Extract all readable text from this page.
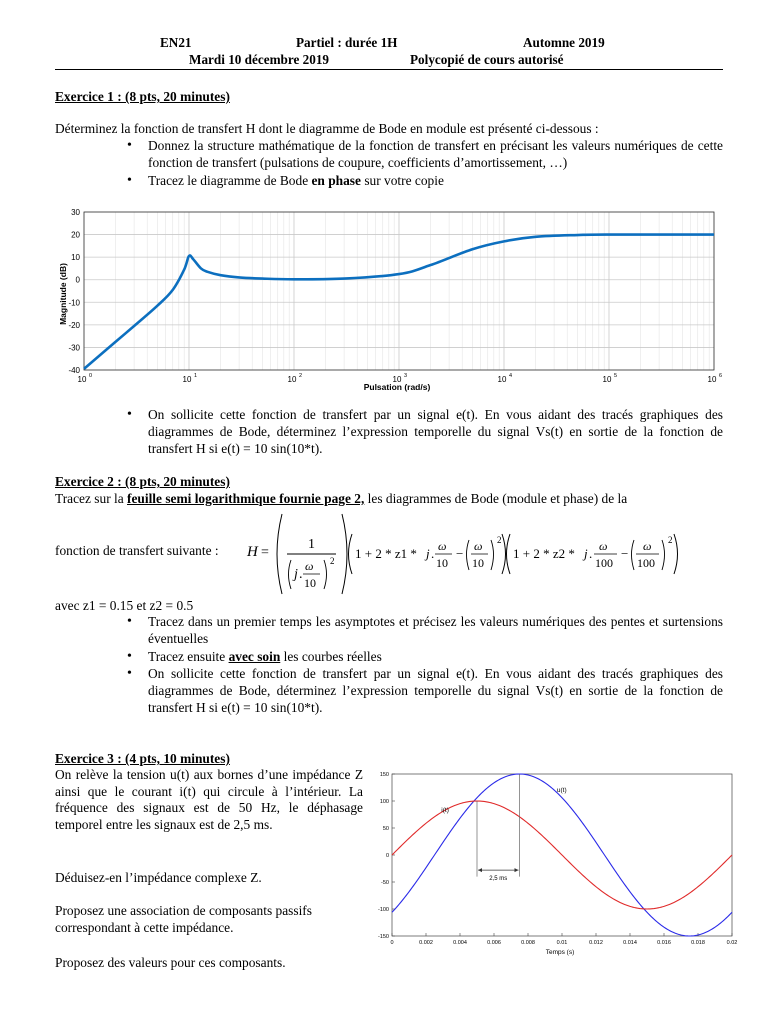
EN21	Partiel : durée 1H	Automne 2019
Mardi 10 décembre 2019	Polycopié de cours autorisé
Exercice 1 : (8 pts, 20 minutes)
Déterminez la fonction de transfert H dont le diagramme de Bode en module est présenté ci-dessous :
• Donnez la structure mathématique de la fonction de transfert en précisant les valeurs numériques de cette fonction de transfert (pulsations de coupure, coefficients d’amortissement, …)
• Tracez le diagramme de Bode en phase sur votre copie
-40
-30
-20
-10
0
10
20
30
10 0	10 1	10 2	10 3	10 4	10 5	10 6
Magnitude (dB)
Pulsation (rad/s)
• On sollicite cette fonction de transfert par un signal e(t). En vous aidant des tracés graphiques des diagrammes de Bode, déterminez l’expression temporelle du signal Vs(t) en sortie de la fonction de transfert H si e(t) = 10 sin(10*t).
Exercice 2 : (8 pts, 20 minutes)
Tracez sur la feuille semi logarithmique fournie page 2, les diagrammes de Bode (module et phase) de la
fonction de transfert suivante : H =
1
j .
ω
10
2 1 + 2 * z1 * j . ω
10
− ω
10
2
1 + 2 * z2 * j . ω
100
− ω
100
2
avec z1 = 0.15 et z2 = 0.5
• Tracez dans un premier temps les asymptotes et précisez les valeurs numériques des pentes et surtensions éventuelles
• Tracez ensuite avec soin les courbes réelles
• On sollicite cette fonction de transfert par un signal e(t). En vous aidant des tracés graphiques des diagrammes de Bode, déterminez l’expression temporelle du signal Vs(t) en sortie de la fonction de transfert H si e(t) = 10 sin(10*t).
Exercice 3 : (4 pts, 10 minutes)
On relève la tension u(t) aux bornes d’une impédance Z ainsi que le courant i(t) qui circule à l’intérieur. La fréquence des signaux est de 50 Hz, le déphasage temporel entre les signaux est de 2,5 ms.
Déduisez-en l’impédance complexe Z.
Proposez une association de composants passifs correspondant à cette impédance.
Proposez des valeurs pour ces composants.
-150
-100
-50
0
50
100
150
0	0.002	0.004	0.006	0.008	0.01	0.012	0.014	0.016	0.018	0.02
u(t)
i(t)
2,5 ms
Temps (s)
